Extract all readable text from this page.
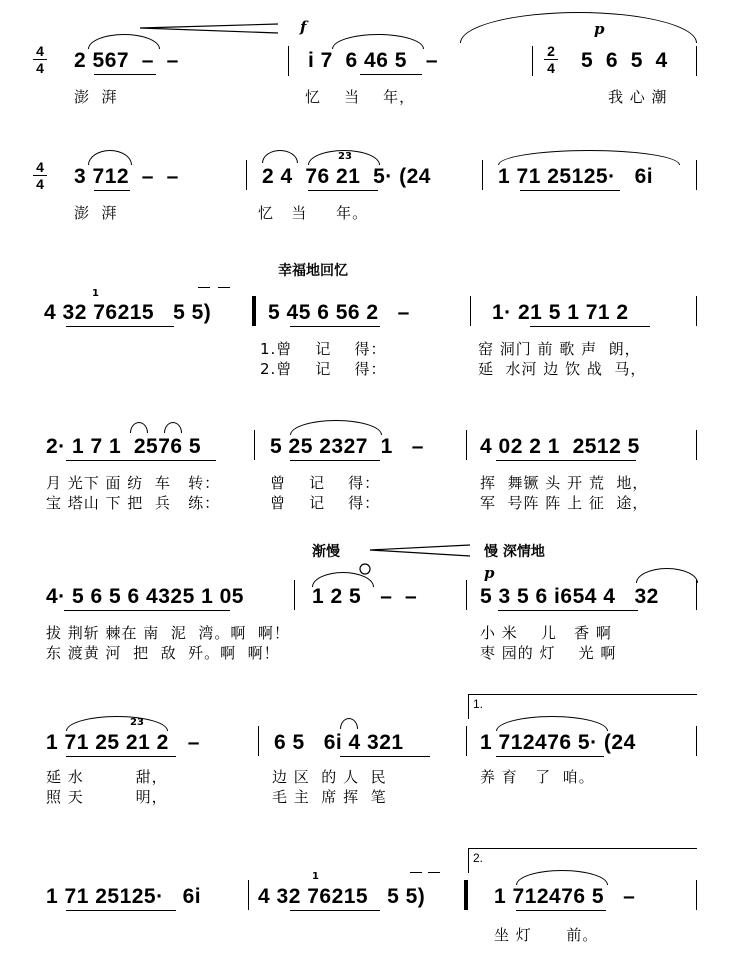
4
4 2 567  –  –
f
i 7  6 46 5   –	2
4
p
5  6  5  4
澎  湃	忆    当    年，	我 心 潮
4
4 3 712  –  –
23
2 4  76 21  5· (24	1 71 25125·   6i
澎  湃	忆   当     年。
幸福地回忆
1
4 32 76215   5 5)	5 45 6 56 2   –	1· 21 5 1 71 2
1.曾    记    得：	窑 洞门 前 歌 声  朗，
2.曾    记    得：	延  水河 边 饮 战  马，
2· 1 7 1  2576 5	5 25 2327  1   –	4 02 2 1  2512 5
月 光下 面 纺  车   转：	曾    记    得：	挥  舞镢 头 开 荒  地，
宝 塔山 下 把  兵   练：	曾    记    得：	军  号阵 阵 上 征  途，
渐慢	慢 深情地
p
4· 5 6 5 6 4325 1 05	1 2 5   –  –	5 3 5 6 i654 4   32
拔 荆斩 棘在 南  泥  湾。啊  啊！	小 米    儿   香 啊
东 渡黄 河  把  敌  歼。啊  啊！	枣 园的 灯    光 啊
1.
23
1 71 25 21 2   –	6 5   6i 4 321	1 712476 5· (24
延 水         甜，	边 区  的 人  民	养 育   了  咱。
照 天         明，	毛 主  席 挥  笔
2.
1
1 71 25125·   6i	4 32 76215   5 5)	1 712476 5   –
坐 灯      前。
